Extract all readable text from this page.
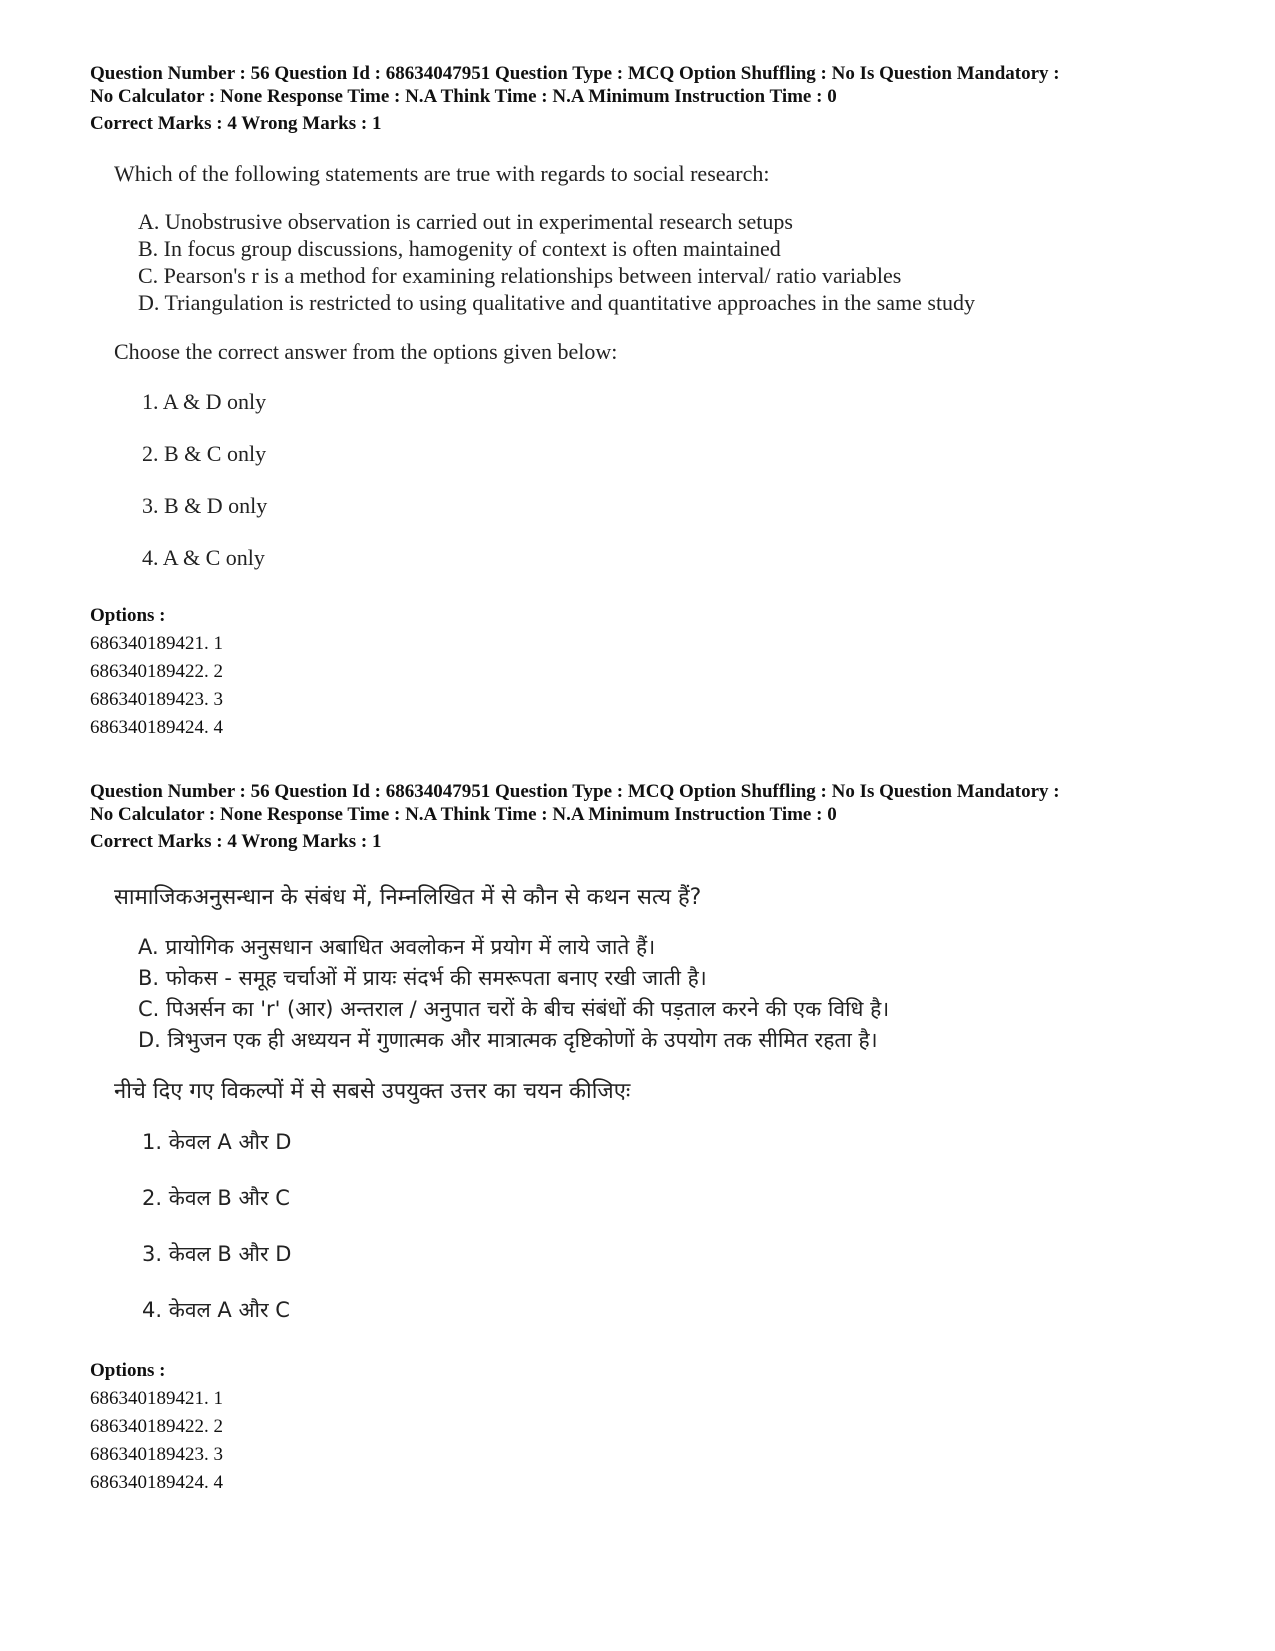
Question Number : 56 Question Id : 68634047951 Question Type : MCQ Option Shuffling : No Is Question Mandatory :

No Calculator : None Response Time : N.A Think Time : N.A Minimum Instruction Time : 0

Correct Marks : 4 Wrong Marks : 1

Which of the following statements are true with regards to social research:

A. Unobstrusive observation is carried out in experimental research setups
B. In focus group discussions, hamogenity of context is often maintained
C. Pearson's r is a method for examining relationships between interval/ ratio variables
D. Triangulation is restricted to using qualitative and quantitative approaches in the same study

Choose the correct answer from the options given below:

1. A & D only
2. B & C only
3. B & D only
4. A & C only

Options :

686340189421. 1

686340189422. 2

686340189423. 3

686340189424. 4

Question Number : 56 Question Id : 68634047951 Question Type : MCQ Option Shuffling : No Is Question Mandatory :

No Calculator : None Response Time : N.A Think Time : N.A Minimum Instruction Time : 0

Correct Marks : 4 Wrong Marks : 1

सामाजिकअनुसन्धान के संबंध में, निम्नलिखित में से कौन से कथन सत्य हैं?

A. प्रायोगिक अनुसधान अबाधित अवलोकन में प्रयोग में लाये जाते हैं।
B. फोकस - समूह चर्चाओं में प्रायः संदर्भ की समरूपता बनाए रखी जाती है।
C. पिअर्सन का 'r' (आर) अन्तराल / अनुपात चरों के बीच संबंधों की पड़ताल करने की एक विधि है।
D. त्रिभुजन एक ही अध्ययन में गुणात्मक और मात्रात्मक दृष्टिकोणों के उपयोग तक सीमित रहता है।

नीचे दिए गए विकल्पों में से सबसे उपयुक्त उत्तर का चयन कीजिएः

1. केवल A और D
2. केवल B और C
3. केवल B और D
4. केवल A और C

Options :

686340189421. 1

686340189422. 2

686340189423. 3

686340189424. 4
